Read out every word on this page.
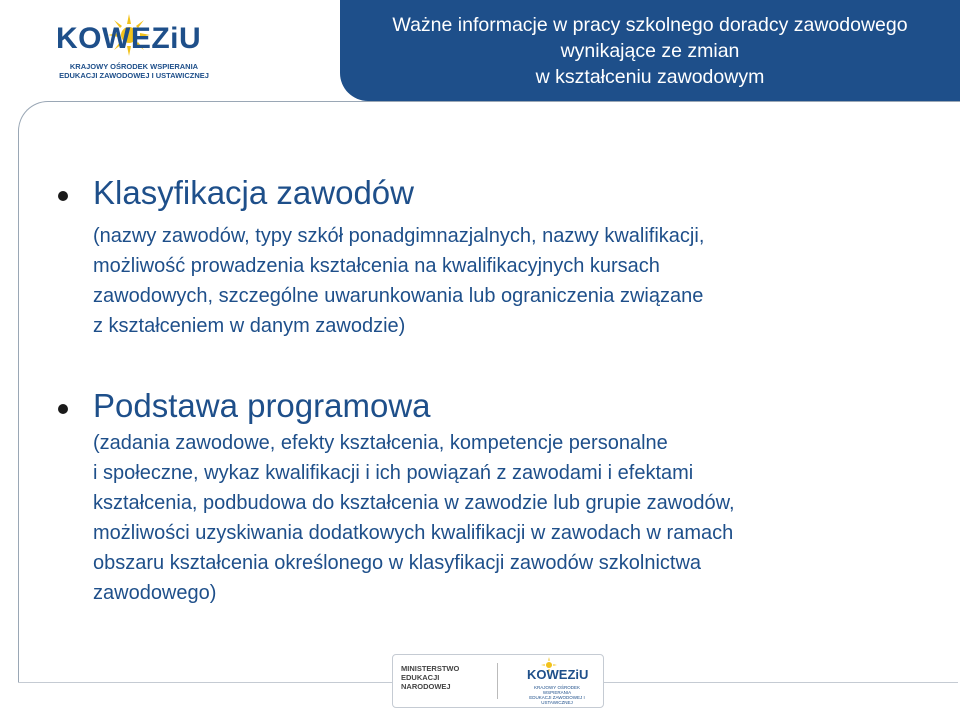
KOWEZiU
KRAJOWY OŚRODEK WSPIERANIA
EDUKACJI ZAWODOWEJ I USTAWICZNEJ
Ważne informacje w pracy szkolnego doradcy zawodowego
wynikające ze zmian
w kształceniu zawodowym
Klasyfikacja zawodów
(nazwy zawodów, typy szkół ponadgimnazjalnych, nazwy kwalifikacji,
możliwość prowadzenia kształcenia na kwalifikacyjnych kursach
zawodowych, szczególne uwarunkowania lub ograniczenia związane
z kształceniem w danym zawodzie)
Podstawa programowa
(zadania zawodowe, efekty kształcenia, kompetencje personalne
i społeczne, wykaz kwalifikacji i ich powiązań z zawodami i efektami
kształcenia, podbudowa do kształcenia w zawodzie lub grupie zawodów,
możliwości uzyskiwania dodatkowych kwalifikacji w zawodach w ramach
obszaru kształcenia określonego w klasyfikacji zawodów szkolnictwa
zawodowego)
MINISTERSTWO
EDUKACJI
NARODOWEJ
KOWEZiU
KRAJOWY OŚRODEK WSPIERANIA
EDUKACJI ZAWODOWEJ I USTAWICZNEJ
